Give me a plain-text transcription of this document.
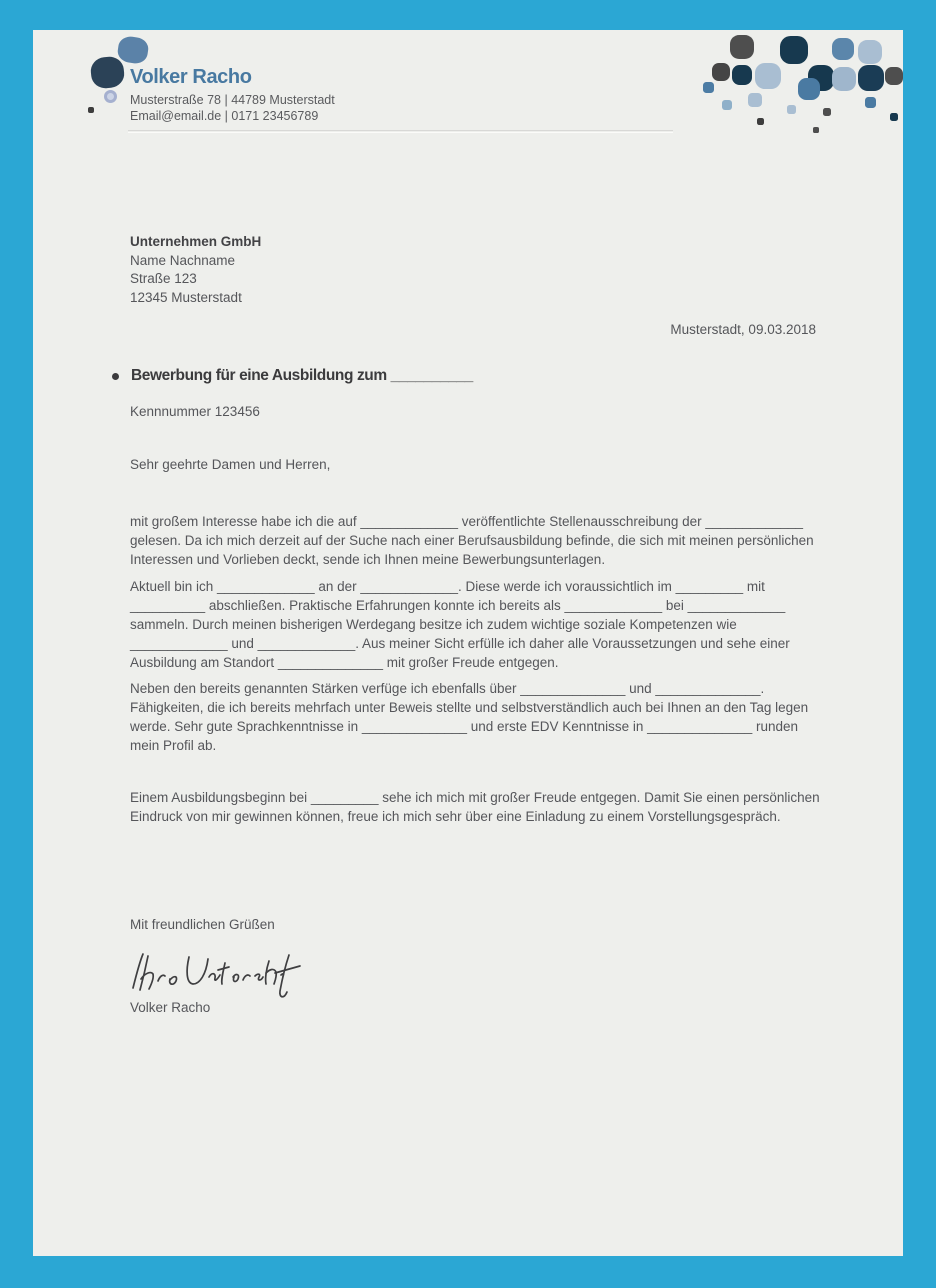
Volker Racho
Musterstraße 78 | 44789 Musterstadt
Email@email.de | 0171 23456789
Unternehmen GmbH
Name Nachname
Straße 123
12345 Musterstadt
Musterstadt, 09.03.2018
Bewerbung für eine Ausbildung zum __________
Kennnummer 123456
Sehr geehrte Damen und Herren,

mit großem Interesse habe ich die auf _____________ veröffentlichte Stellenausschreibung der _____________ gelesen. Da ich mich derzeit auf der Suche nach einer Berufsausbildung befinde, die sich mit meinen persönlichen Interessen und Vorlieben deckt, sende ich Ihnen meine Bewerbungsunterlagen.

Aktuell bin ich _____________ an der _____________. Diese werde ich voraussichtlich im _________ mit __________ abschließen. Praktische Erfahrungen konnte ich bereits als _____________ bei _____________ sammeln. Durch meinen bisherigen Werdegang besitze ich zudem wichtige soziale Kompetenzen wie _____________ und _____________. Aus meiner Sicht erfülle ich daher alle Voraussetzungen und sehe einer Ausbildung am Standort ______________ mit großer Freude entgegen.

Neben den bereits genannten Stärken verfüge ich ebenfalls über ______________ und ______________. Fähigkeiten, die ich bereits mehrfach unter Beweis stellte und selbstverständlich auch bei Ihnen an den Tag legen werde. Sehr gute Sprachkenntnisse in ______________ und erste EDV Kenntnisse in ______________ runden mein Profil ab.

Einem Ausbildungsbeginn bei _________ sehe ich mich mit großer Freude entgegen. Damit Sie einen persönlichen Eindruck von mir gewinnen können, freue ich mich sehr über eine Einladung zu einem Vorstellungsgespräch.

Mit freundlichen Grüßen
Volker Racho
